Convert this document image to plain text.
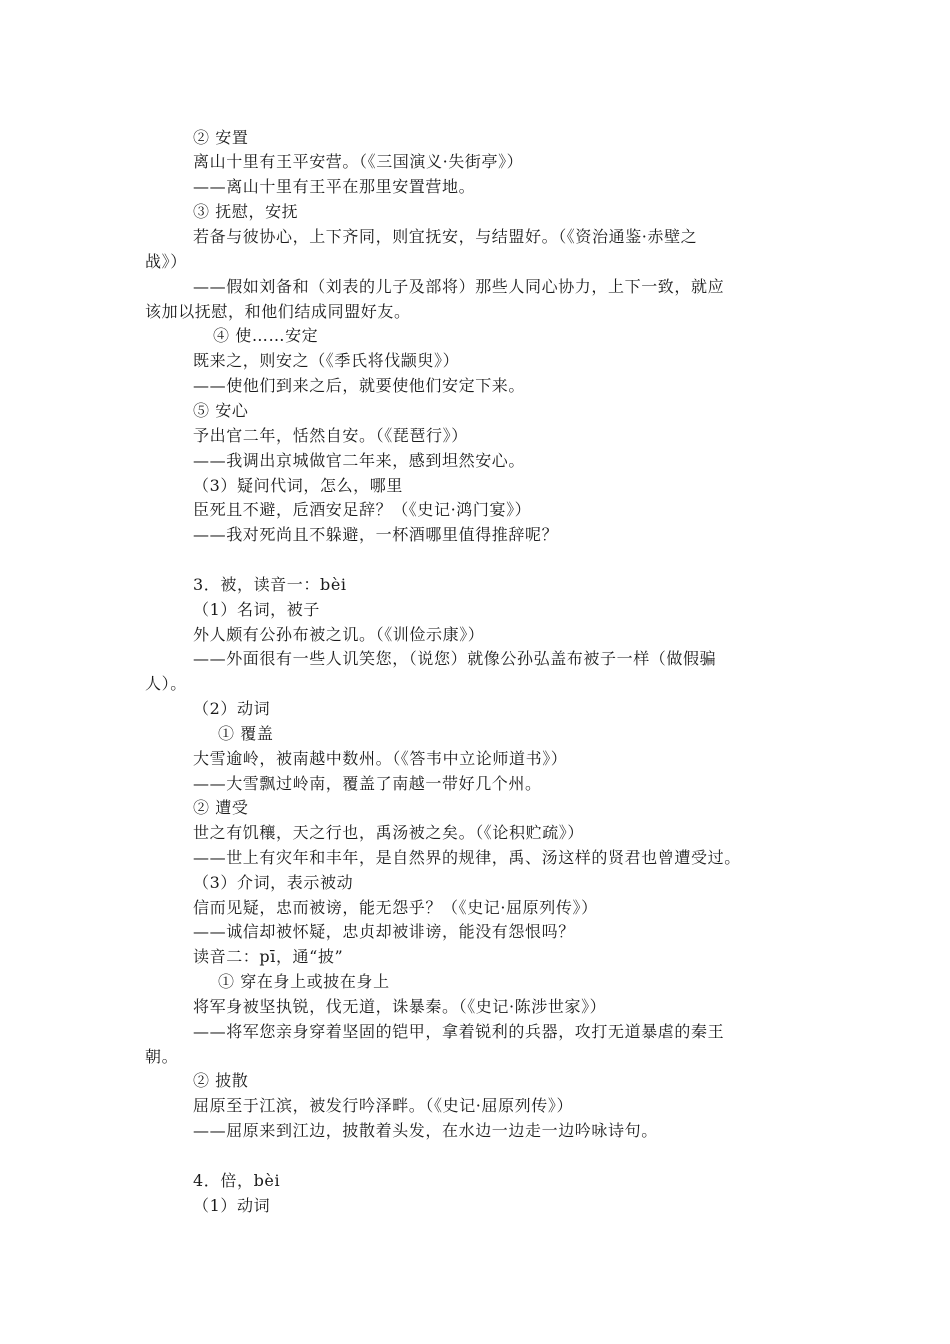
② 安置
离山十里有王平安营。（《三国演义·失街亭》）
——离山十里有王平在那里安置营地。
③ 抚慰，安抚
若备与彼协心，上下齐同，则宜抚安，与结盟好。（《资治通鉴·赤壁之
战》）
——假如刘备和（刘表的儿子及部将）那些人同心协力，上下一致，就应
该加以抚慰，和他们结成同盟好友。
④ 使……安定
既来之，则安之（《季氏将伐颛臾》）
——使他们到来之后，就要使他们安定下来。
⑤ 安心
予出官二年，恬然自安。（《琵琶行》）
——我调出京城做官二年来，感到坦然安心。
（3）疑问代词，怎么，哪里
臣死且不避，卮酒安足辞？（《史记·鸿门宴》）
——我对死尚且不躲避，一杯酒哪里值得推辞呢？
3．被，读音一：bèi
（1）名词，被子
外人颇有公孙布被之讥。（《训俭示康》）
——外面很有一些人讥笑您，（说您）就像公孙弘盖布被子一样（做假骗
人）。
（2）动词
① 覆盖
大雪逾岭，被南越中数州。（《答韦中立论师道书》）
——大雪飘过岭南，覆盖了南越一带好几个州。
② 遭受
世之有饥穰，天之行也，禹汤被之矣。（《论积贮疏》）
——世上有灾年和丰年，是自然界的规律，禹、汤这样的贤君也曾遭受过。
（3）介词，表示被动
信而见疑，忠而被谤，能无怨乎？（《史记·屈原列传》）
——诚信却被怀疑，忠贞却被诽谤，能没有怨恨吗？
读音二：pī，通“披”
① 穿在身上或披在身上
将军身被坚执锐，伐无道，诛暴秦。（《史记·陈涉世家》）
——将军您亲身穿着坚固的铠甲，拿着锐利的兵器，攻打无道暴虐的秦王
朝。
② 披散
屈原至于江滨，被发行吟泽畔。（《史记·屈原列传》）
——屈原来到江边，披散着头发，在水边一边走一边吟咏诗句。
4．倍，bèi
（1）动词
